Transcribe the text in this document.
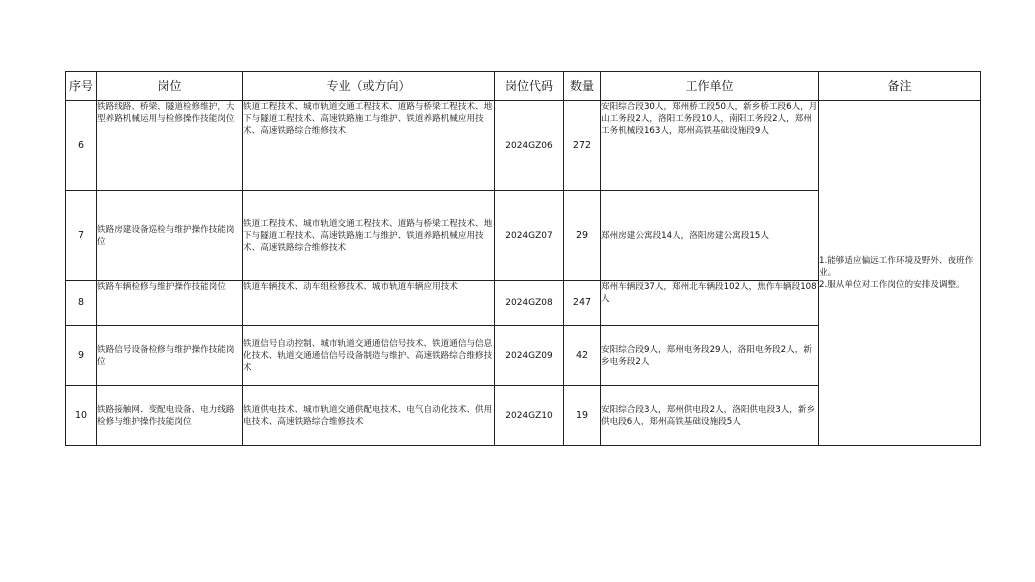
序号	岗位	专业（或方向）	岗位代码	数量	工作单位	备注
6	铁路线路、桥梁、隧道检修维护，大型养路机械运用与检修操作技能岗位	铁道工程技术、城市轨道交通工程技术、道路与桥梁工程技术、地下与隧道工程技术、高速铁路施工与维护、铁道养路机械应用技术、高速铁路综合维修技术	2024GZ06	272	安阳综合段30人，郑州桥工段50人，新乡桥工段6人，月山工务段2人，洛阳工务段10人，南阳工务段2人，郑州工务机械段163人，郑州高铁基础设施段9人	1.能够适应偏远工作环境及野外、夜班作业。
2.服从单位对工作岗位的安排及调整。

7	铁路房建设备巡检与维护操作技能岗位	铁道工程技术、城市轨道交通工程技术、道路与桥梁工程技术、地下与隧道工程技术、高速铁路施工与维护、铁道养路机械应用技术、高速铁路综合维修技术	2024GZ07	29	郑州房建公寓段14人，洛阳房建公寓段15人	
8	铁路车辆检修与维护操作技能岗位	铁道车辆技术、动车组检修技术、城市轨道车辆应用技术	2024GZ08	247	郑州车辆段37人，郑州北车辆段102人，焦作车辆段108人	
9	铁路信号设备检修与维护操作技能岗位	铁道信号自动控制、城市轨道交通通信信号技术、铁道通信与信息化技术、轨道交通通信信号设备制造与维护、高速铁路综合维修技术	2024GZ09	42	安阳综合段9人，郑州电务段29人，洛阳电务段2人，新乡电务段2人	
10	铁路接触网、变配电设备、电力线路检修与维护操作技能岗位	铁道供电技术、城市轨道交通供配电技术、电气自动化技术、供用电技术、高速铁路综合维修技术	2024GZ10	19	安阳综合段3人，郑州供电段2人，洛阳供电段3人，新乡供电段6人，郑州高铁基础设施段5人	
